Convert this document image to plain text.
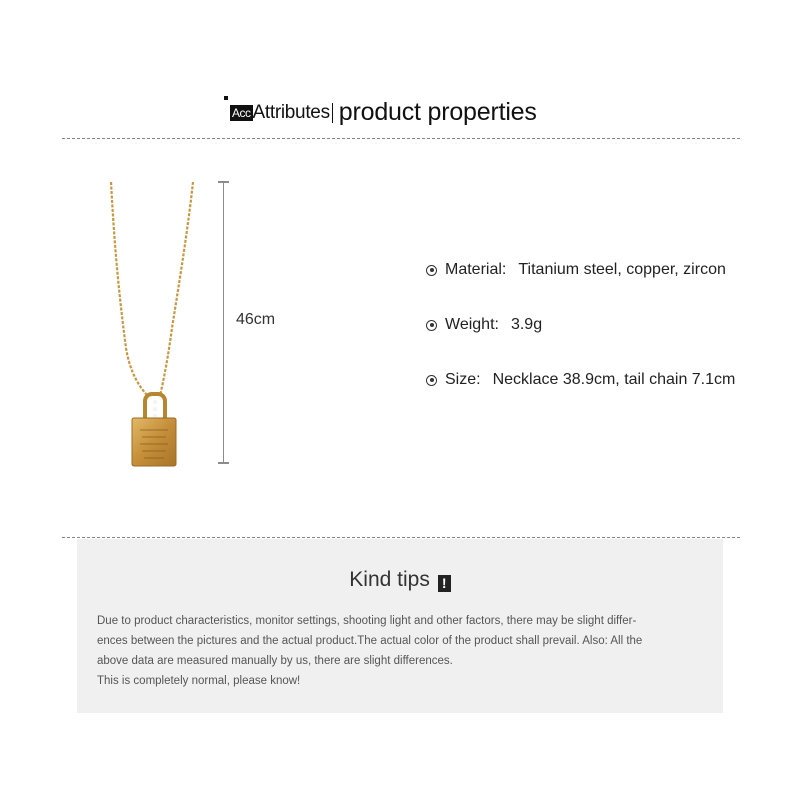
Acc Attributes product properties
46cm
Material: Titanium steel, copper, zircon
Weight: 3.9g
Size: Necklace 38.9cm, tail chain 7.1cm
Kind tips !

Due to product characteristics, monitor settings, shooting light and other factors, there may be slight differ-

ences between the pictures and the actual product.The actual color of the product shall prevail. Also: All the

above data are measured manually by us, there are slight differences.

This is completely normal, please know!
